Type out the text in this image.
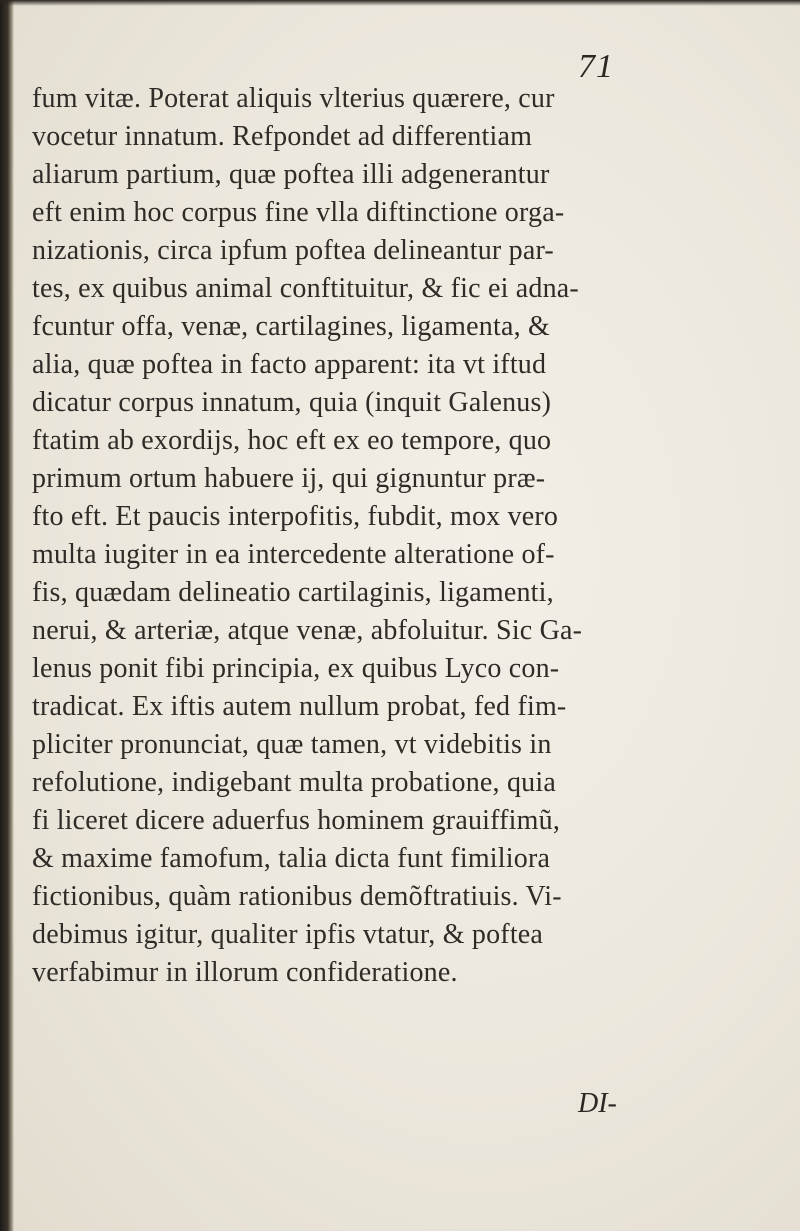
71
fum vitæ. Poterat aliquis vlterius quærere, cur
vocetur innatum. Refpondet ad differentiam
aliarum partium, quæ poftea illi adgenerantur
eft enim hoc corpus fine vlla diftinctione orga-
nizationis, circa ipfum poftea delineantur par-
tes, ex quibus animal conftituitur, & fic ei adna-
fcuntur offa, venæ, cartilagines, ligamenta, &
alia, quæ poftea in facto apparent: ita vt iftud
dicatur corpus innatum, quia (inquit Galenus)
ftatim ab exordijs, hoc eft ex eo tempore, quo
primum ortum habuere ij, qui gignuntur præ-
fto eft. Et paucis interpofitis, fubdit, mox vero
multa iugiter in ea intercedente alteratione of-
fis, quædam delineatio cartilaginis, ligamenti,
nerui, & arteriæ, atque venæ, abfoluitur. Sic Ga-
lenus ponit fibi principia, ex quibus Lyco con-
tradicat. Ex iftis autem nullum probat, fed fim-
pliciter pronunciat, quæ tamen, vt videbitis in
refolutione, indigebant multa probatione, quia
fi liceret dicere aduerfus hominem grauiffimũ,
& maxime famofum, talia dicta funt fimiliora
fictionibus, quàm rationibus demõftratiuis. Vi-
debimus igitur, qualiter ipfis vtatur, & poftea
verfabimur in illorum confideratione.
DI-
